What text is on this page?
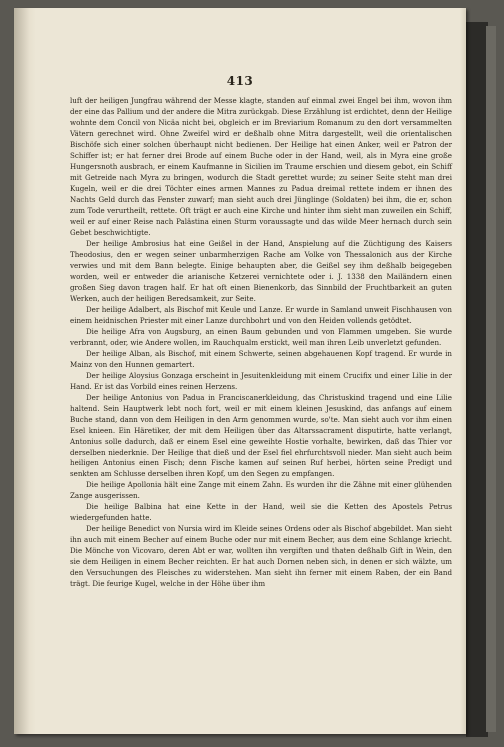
413

luft der heiligen Jungfrau während der Messe klagte, standen auf einmal zwei Engel bei ihm, wovon ihm der eine das Pallium und der andere die Mitra zurückgab. Diese Erzählung ist erdichtet, denn der Heilige wohnte dem Concil von Nicäa nicht bei, obgleich er im Breviarium Romanum zu den dort versammelten Vätern gerechnet wird. Ohne Zweifel wird er deßhalb ohne Mitra dargestellt, weil die orientalischen Bischöfe sich einer solchen überhaupt nicht bedienen. Der Heilige hat einen Anker, weil er Patron der Schiffer ist; er hat ferner drei Brode auf einem Buche oder in der Hand, weil, als in Myra eine große Hungersnoth ausbrach, er einem Kaufmanne in Sicilien im Traume erschien und diesem gebot, ein Schiff mit Getreide nach Myra zu bringen, wodurch die Stadt gerettet wurde; zu seiner Seite steht man drei Kugeln, weil er die drei Töchter eines armen Mannes zu Padua dreimal rettete indem er ihnen des Nachts Geld durch das Fenster zuwarf; man sieht auch drei Jünglinge (Soldaten) bei ihm, die er, schon zum Tode verurtheilt, rettete. Oft trägt er auch eine Kirche und hinter ihm sieht man zuweilen ein Schiff, weil er auf einer Reise nach Palästina einen Sturm voraussagte und das wilde Meer hernach durch sein Gebet beschwichtigte.

Der heilige Ambrosius hat eine Geißel in der Hand, Anspielung auf die Züchtigung des Kaisers Theodosius, den er wegen seiner unbarmherzigen Rache am Volke von Thessalonich aus der Kirche verwies und mit dem Bann belegte. Einige behaupten aber, die Geißel sey ihm deßhalb beigegeben worden, weil er entweder die arianische Ketzerei vernichtete oder i. J. 1338 den Mailändern einen großen Sieg davon tragen half. Er hat oft einen Bienenkorb, das Sinnbild der Fruchtbarkeit an guten Werken, auch der heiligen Beredsamkeit, zur Seite.

Der heilige Adalbert, als Bischof mit Keule und Lanze. Er wurde in Samland unweit Fischhausen von einem heidnischen Priester mit einer Lanze durchbohrt und von den Heiden vollends getödtet.

Die heilige Afra von Augsburg, an einen Baum gebunden und von Flammen umgeben. Sie wurde verbrannt, oder, wie Andere wollen, im Rauchqualm erstickt, weil man ihren Leib unverletzt gefunden.

Der heilige Alban, als Bischof, mit einem Schwerte, seinen abgehauenen Kopf tragend. Er wurde in Mainz von den Hunnen gemartert.

Der heilige Aloysius Gonzaga erscheint in Jesuitenkleidung mit einem Crucifix und einer Lilie in der Hand. Er ist das Vorbild eines reinen Herzens.

Der heilige Antonius von Padua in Franciscanerkleidung, das Christuskind tragend und eine Lilie haltend. Sein Hauptwerk lebt noch fort, weil er mit einem kleinen Jesuskind, das anfangs auf einem Buche stand, dann von dem Heiligen in den Arm genommen wurde, so'te. Man sieht auch vor ihm einen Esel knieen. Ein Häretiker, der mit dem Heiligen über das Altarssacrament disputirte, hatte verlangt, Antonius solle dadurch, daß er einem Esel eine geweihte Hostie vorhalte, bewirken, daß das Thier vor derselben niederknie. Der Heilige that dieß und der Esel fiel ehrfurchtsvoll nieder. Man sieht auch beim heiligen Antonius einen Fisch; denn Fische kamen auf seinen Ruf herbei, hörten seine Predigt und senkten am Schlusse derselben ihren Kopf, um den Segen zu empfangen.

Die heilige Apollonia hält eine Zange mit einem Zahn. Es wurden ihr die Zähne mit einer glühenden Zange ausgerissen.

Die heilige Balbina hat eine Kette in der Hand, weil sie die Ketten des Apostels Petrus wiedergefunden hatte.

Der heilige Benedict von Nursia wird im Kleide seines Ordens oder als Bischof abgebildet. Man sieht ihn auch mit einem Becher auf einem Buche oder nur mit einem Becher, aus dem eine Schlange kriecht. Die Mönche von Vicovaro, deren Abt er war, wollten ihn vergiften und thaten deßhalb Gift in Wein, den sie dem Heiligen in einem Becher reichten. Er hat auch Dornen neben sich, in denen er sich wälzte, um den Versuchungen des Fleisches zu widerstehen. Man sieht ihn ferner mit einem Raben, der ein Band trägt. Die feurige Kugel, welche in der Höhe über ihm
